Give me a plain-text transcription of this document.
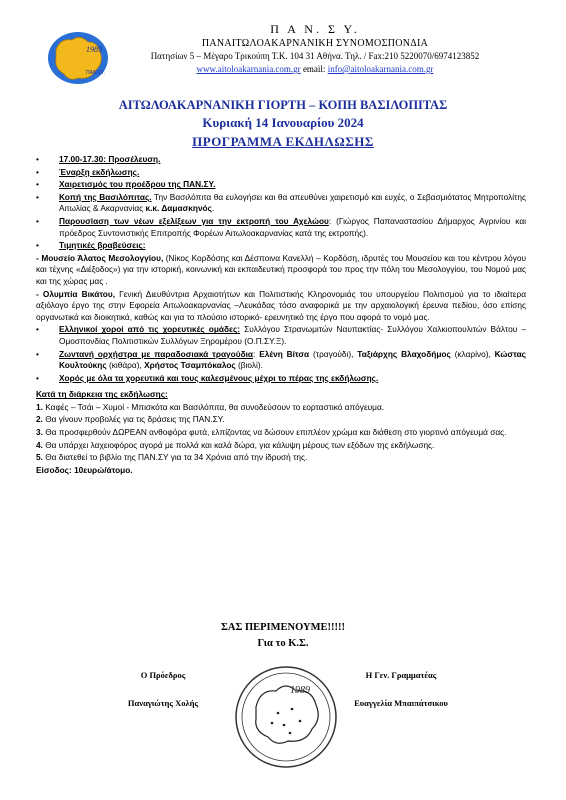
1989
ΠΑΝ.ΣΥ.
Π Α Ν. Σ Υ.
ΠΑΝΑΙΤΩΛΟΑΚΑΡΝΑΝΙΚΗ ΣΥΝΟΜΟΣΠΟΝΔΙΑ
Πατησίων 5 – Μέγαρο Τρικούπη Τ.Κ. 104 31 Αθήνα. Τηλ. / Fax:210 5220070/6974123852
www.aitoloakarnania.com.gr email: info@aitoloakarnania.com.gr
ΑΙΤΩΛΟΑΚΑΡΝΑΝΙΚΗ ΓΙΟΡΤΗ – ΚΟΠΗ ΒΑΣΙΛΟΠΙΤΑΣ
Κυριακή 14 Ιανουαρίου 2024
ΠΡΟΓΡΑΜΜΑ ΕΚΔΗΛΩΣΗΣ
• 17.00-17.30: Προσέλευση.
• Έναρξη εκδήλωσης.
• Χαιρετισμός του προέδρου της ΠΑΝ.ΣΥ.
• Κοπή της Βασιλόπιτας. Την Βασιλόπιτα θα ευλογήσει και θα απευθύνει χαιρετισμό και ευχές, ο Σεβασμιότατος Μητροπολίτης Αιτωλίας & Ακαρνανίας κ.κ. Δαμασκηνός.
• Παρουσίαση των νέων εξελίξεων για την εκτροπή του Αχελώου: (Γιώργος Παπαναστασίου Δήμαρχος Αγρινίου και πρόεδρος Συντονιστικής Επιτροπής Φορέων Αιτωλοακαρνανίας κατά της εκτροπής).
• Τιμητικές βραβεύσεις:
- Μουσείο Άλατος Μεσολογγίου, (Νίκος Κορδόσης και Δέσποινα Κανελλή – Κορδόση, ιδρυτές του Μουσείου και του κέντρου λόγου και τέχνης «Διέξοδος») για την ιστορική, κοινωνική και εκπαιδευτική προσφορά του προς την πόλη του Μεσολογγίου, του Νομού μας και της χώρας μας .
- Ολυμπία Βικάτου, Γενική Διευθύντρια Αρχαιοτήτων και Πολιτιστικής Κληρονομιάς του υπουργείου Πολιτισμού για το ιδιαίτερα αξιόλογο έργο της στην Εφορεία Αιτωλοακαρνανίας –Λευκάδας τόσο αναφορικά με την αρχαιολογική έρευνα πεδίου, όσο επίσης οργανωτικά και διοικητικά, καθώς και για το πλούσιο ιστορικό- ερευνητικό της έργο που αφορά το νομό μας.
• Ελληνικοί χοροί από τις χορευτικές ομάδες: Συλλόγου Στρανωμιτών Ναυπακτίας- Συλλόγου Χαλκιοπουλιτών Βάλτου – Ομοσπονδίας Πολιτιστικών Συλλόγων Ξηρομέρου (Ο.Π.ΣΥ.Ξ).
• Ζωντανή ορχήστρα με παραδοσιακά τραγούδια: Ελένη Βίτσα (τραγούδι), Ταξιάρχης Βλαχοδήμος (κλαρίνο), Κώστας Κουλτούκης (κιθάρα), Χρήστος Τσαμπόκαλος (βιολί).
• Χορός με όλα τα χορευτικά και τους καλεσμένους μέχρι το πέρας της εκδήλωσης.
Κατά τη διάρκεια της εκδήλωσης:
1. Καφές – Τσάι – Χυμοί - Μπισκότα και Βασιλόπιτα, θα συνοδεύσουν το εορταστικό απόγευμα.
2. Θα γίνουν προβολές για τις δράσεις της ΠΑΝ.ΣΥ.
3. Θα προσφερθούν ΔΩΡΕΑΝ ανθοφόρα φυτά, ελπίζοντας να δώσουν επιπλέον χρώμα και διάθεση στο γιορτινό απόγευμά σας.
4. Θα υπάρχει λαχειοφόρος αγορά με πολλά και καλά δώρα, για κάλυψη μέρους των εξόδων της εκδήλωσης.
5. Θα διατεθεί το βιβλίο της ΠΑΝ.ΣΥ για τα 34 Χρόνια από την ίδρυσή της.
Είσοδος: 10ευρώ/άτομο.
ΣΑΣ ΠΕΡΙΜΕΝΟΥΜΕ!!!!!
Για το Κ.Σ.
Ο Πρόεδρος
Παναγιώτης Χολής
Η Γεν. Γραμματέας
Ευαγγελία Μπαιπάτσικου
1989
